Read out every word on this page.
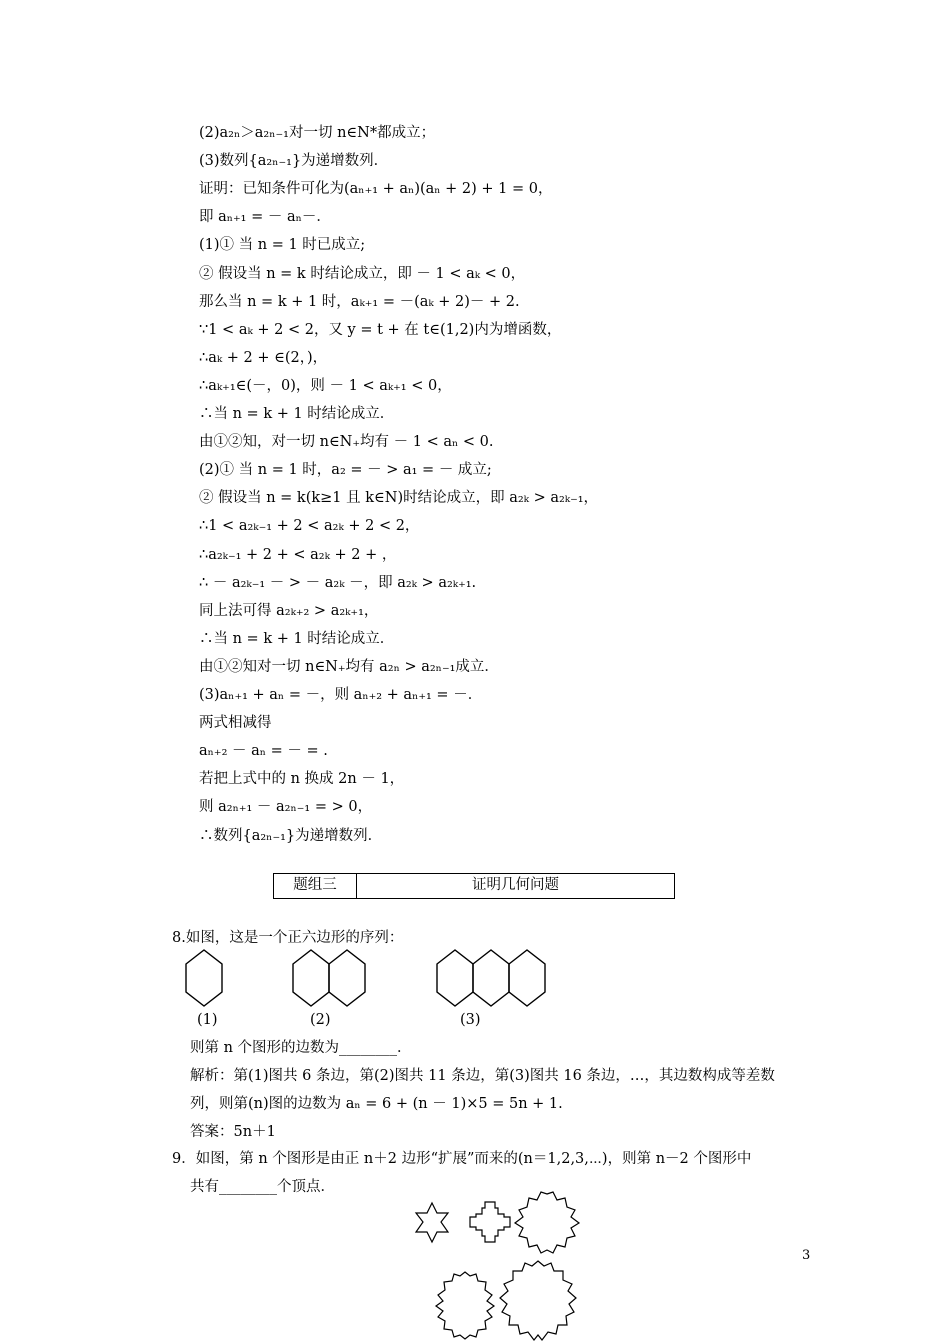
(2)a₂ₙ＞a₂ₙ₋₁对一切 n∈N*都成立；
(3)数列{a₂ₙ₋₁}为递增数列．
证明：已知条件可化为(aₙ₊₁ + aₙ)(aₙ + 2) + 1 = 0，
即 aₙ₊₁ = － aₙ－．
(1)① 当 n = 1 时已成立;
② 假设当 n = k 时结论成立，即 － 1 < aₖ < 0，
那么当 n = k + 1 时，aₖ₊₁ = －(aₖ + 2)－ + 2.
∵1 < aₖ + 2 < 2，又 y = t + 在 t∈(1,2)内为增函数，
∴aₖ + 2 + ∈(2，)，
∴aₖ₊₁∈(－，0)，则 － 1 < aₖ₊₁ < 0，
∴当 n = k + 1 时结论成立．
由①②知，对一切 n∈N₊均有 － 1 < aₙ < 0.
(2)① 当 n = 1 时，a₂ = － > a₁ = － 成立;
② 假设当 n = k(k≥1 且 k∈N)时结论成立，即 a₂ₖ > a₂ₖ₋₁，
∴1 < a₂ₖ₋₁ + 2 < a₂ₖ + 2 < 2，
∴a₂ₖ₋₁ + 2 + < a₂ₖ + 2 + ，
∴ － a₂ₖ₋₁ － > － a₂ₖ －，即 a₂ₖ > a₂ₖ₊₁.
同上法可得 a₂ₖ₊₂ > a₂ₖ₊₁，
∴当 n = k + 1 时结论成立．
由①②知对一切 n∈N₊均有 a₂ₙ > a₂ₙ₋₁成立．
(3)aₙ₊₁ + aₙ = －，则 aₙ₊₂ + aₙ₊₁ = －．
两式相减得
aₙ₊₂ － aₙ = － = .
若把上式中的 n 换成 2n － 1，
则 a₂ₙ₊₁ － a₂ₙ₋₁ = > 0，
∴数列{a₂ₙ₋₁}为递增数列．
题组三	证明几何问题
8.如图，这是一个正六边形的序列：
(1)	(2)	(3)
则第 n 个图形的边数为________．
解析：第(1)图共 6 条边，第(2)图共 11 条边，第(3)图共 16 条边，…，其边数构成等差数
列，则第(n)图的边数为 aₙ = 6 + (n － 1)×5 = 5n + 1.
答案：5n＋1
9．如图，第 n 个图形是由正 n＋2 边形“扩展”而来的(n＝1,2,3,⋯)，则第 n－2 个图形中
共有________个顶点．
3
